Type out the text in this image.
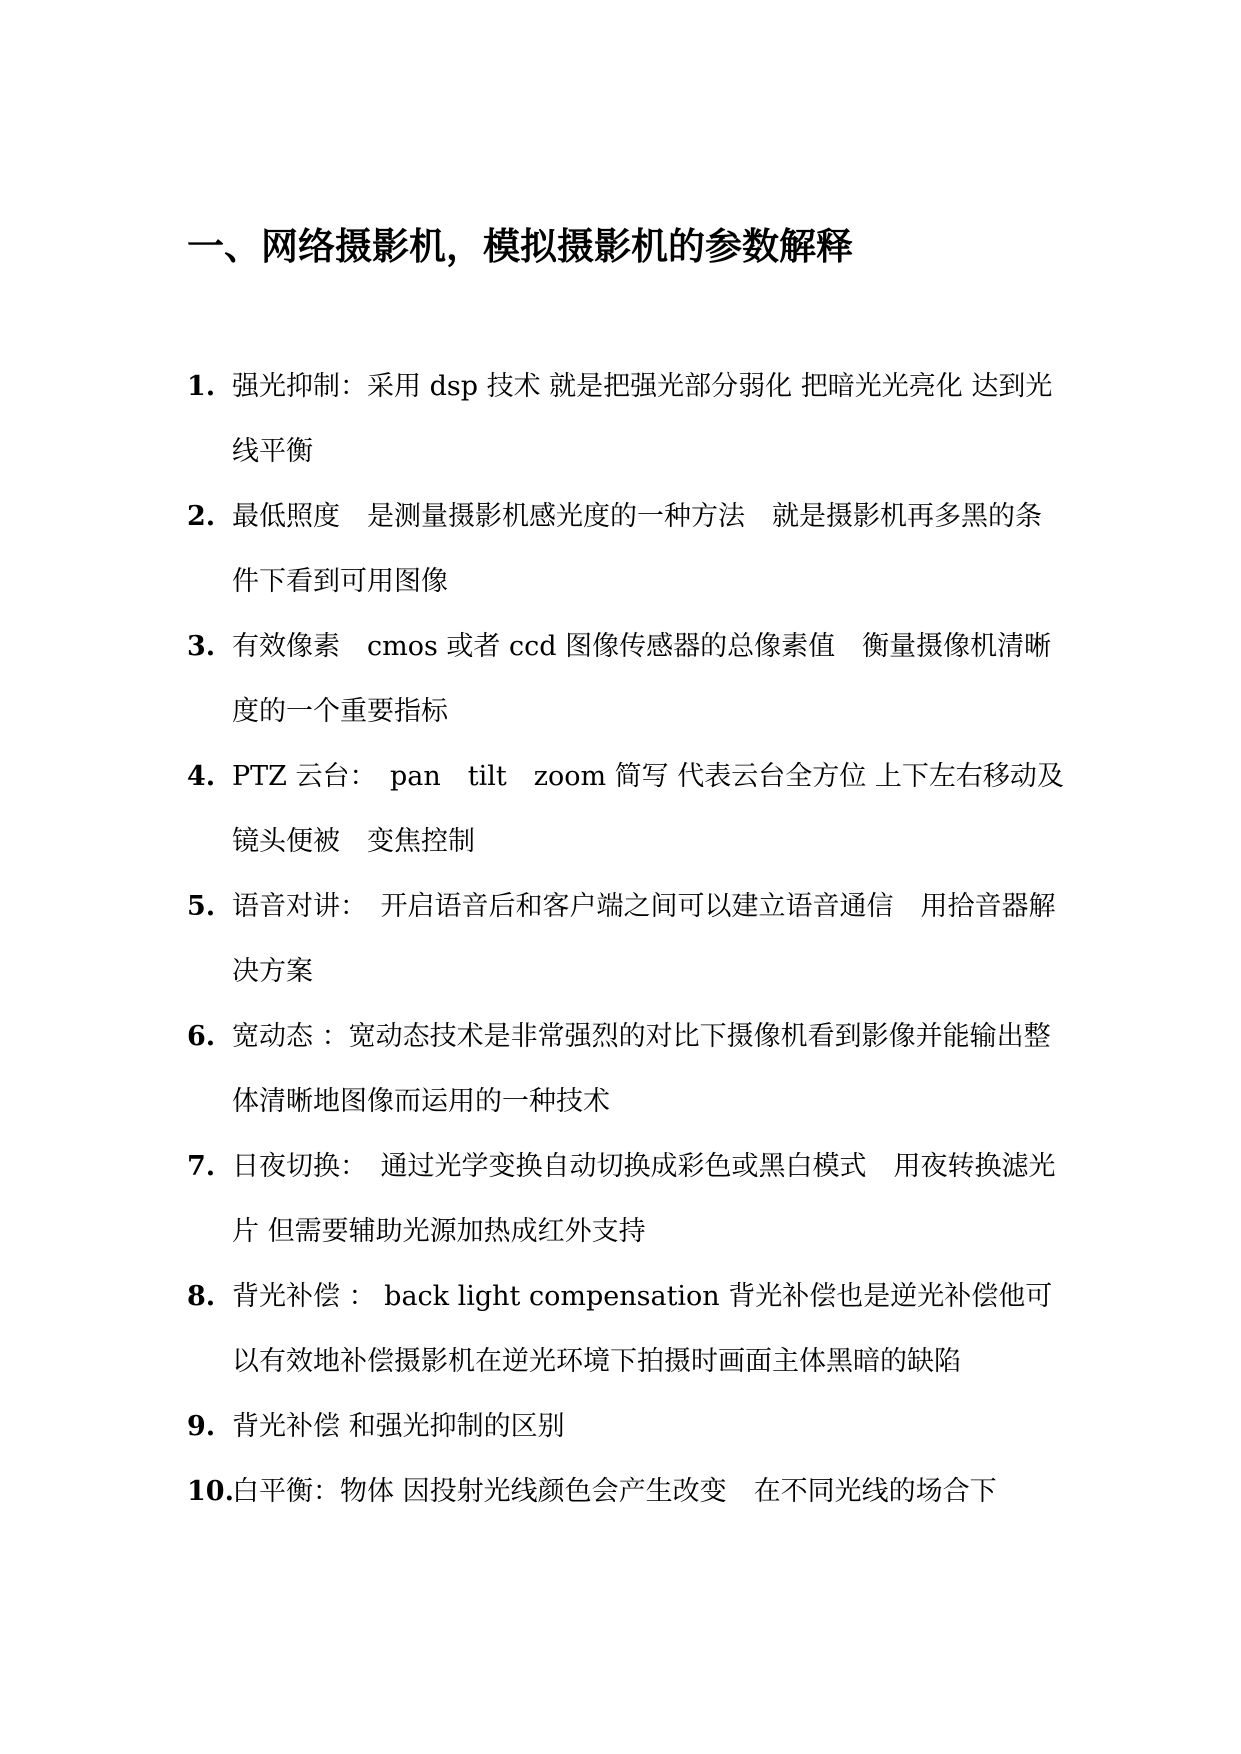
一、网络摄影机，模拟摄影机的参数解释
1. 强光抑制：采用 dsp 技术 就是把强光部分弱化 把暗光光亮化 达到光线平衡
2. 最低照度　是测量摄影机感光度的一种方法　就是摄影机再多黑的条件下看到可用图像
3. 有效像素　cmos 或者 ccd 图像传感器的总像素值　衡量摄像机清晰度的一个重要指标
4. PTZ 云台：　pan　tilt　zoom 简写 代表云台全方位 上下左右移动及镜头便被　变焦控制
5. 语音对讲：　开启语音后和客户端之间可以建立语音通信　用拾音器解决方案
6. 宽动态 ：宽动态技术是非常强烈的对比下摄像机看到影像并能输出整体清晰地图像而运用的一种技术
7. 日夜切换：　通过光学变换自动切换成彩色或黑白模式　用夜转换滤光片 但需要辅助光源加热成红外支持
8. 背光补偿 ： back light compensation 背光补偿也是逆光补偿他可以有效地补偿摄影机在逆光环境下拍摄时画面主体黑暗的缺陷
9. 背光补偿 和强光抑制的区别
10.
白平衡：物体 因投射光线颜色会产生改变　在不同光线的场合下
